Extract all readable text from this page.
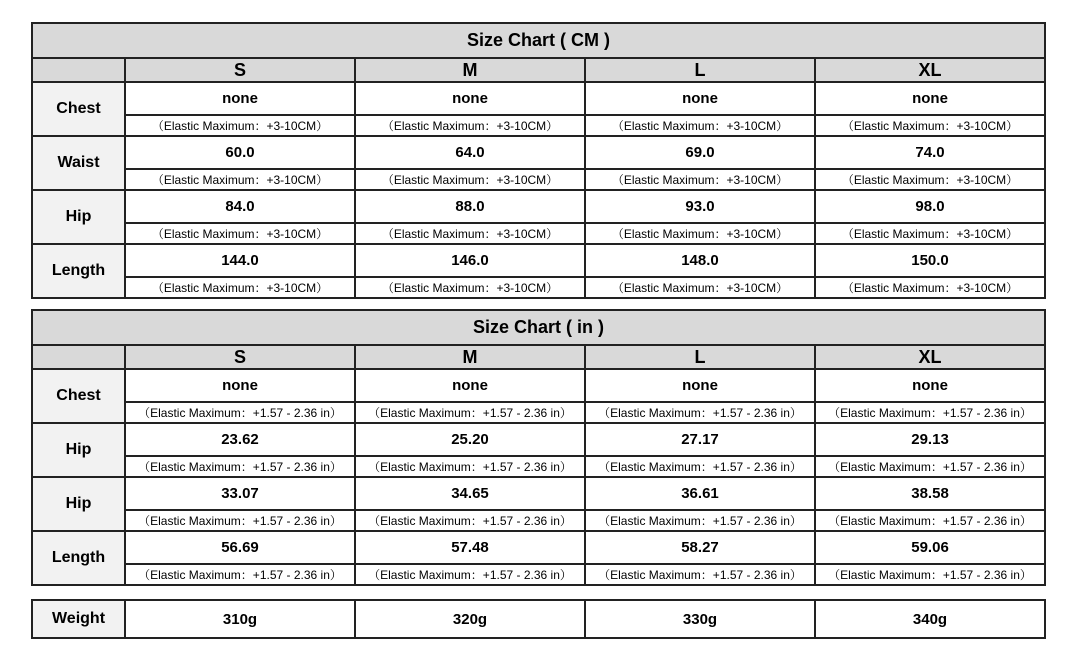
Size Chart ( CM )				
	S	M	L	XL
Chest	none	none	none	none
	（Elastic Maximum：+3-10CM）	（Elastic Maximum：+3-10CM）	（Elastic Maximum：+3-10CM）	（Elastic Maximum：+3-10CM）
Waist	60.0	64.0	69.0	74.0
	（Elastic Maximum：+3-10CM）	（Elastic Maximum：+3-10CM）	（Elastic Maximum：+3-10CM）	（Elastic Maximum：+3-10CM）
Hip	84.0	88.0	93.0	98.0
	（Elastic Maximum：+3-10CM）	（Elastic Maximum：+3-10CM）	（Elastic Maximum：+3-10CM）	（Elastic Maximum：+3-10CM）
Length	144.0	146.0	148.0	150.0
	（Elastic Maximum：+3-10CM）	（Elastic Maximum：+3-10CM）	（Elastic Maximum：+3-10CM）	（Elastic Maximum：+3-10CM）
Size Chart ( in )				
	S	M	L	XL
Chest	none	none	none	none
	（Elastic Maximum：+1.57 - 2.36 in）	（Elastic Maximum：+1.57 - 2.36 in）	（Elastic Maximum：+1.57 - 2.36 in）	（Elastic Maximum：+1.57 - 2.36 in）
Hip	23.62	25.20	27.17	29.13
	（Elastic Maximum：+1.57 - 2.36 in）	（Elastic Maximum：+1.57 - 2.36 in）	（Elastic Maximum：+1.57 - 2.36 in）	（Elastic Maximum：+1.57 - 2.36 in）
Hip	33.07	34.65	36.61	38.58
	（Elastic Maximum：+1.57 - 2.36 in）	（Elastic Maximum：+1.57 - 2.36 in）	（Elastic Maximum：+1.57 - 2.36 in）	（Elastic Maximum：+1.57 - 2.36 in）
Length	56.69	57.48	58.27	59.06
	（Elastic Maximum：+1.57 - 2.36 in）	（Elastic Maximum：+1.57 - 2.36 in）	（Elastic Maximum：+1.57 - 2.36 in）	（Elastic Maximum：+1.57 - 2.36 in）
Weight	310g	320g	330g	340g
